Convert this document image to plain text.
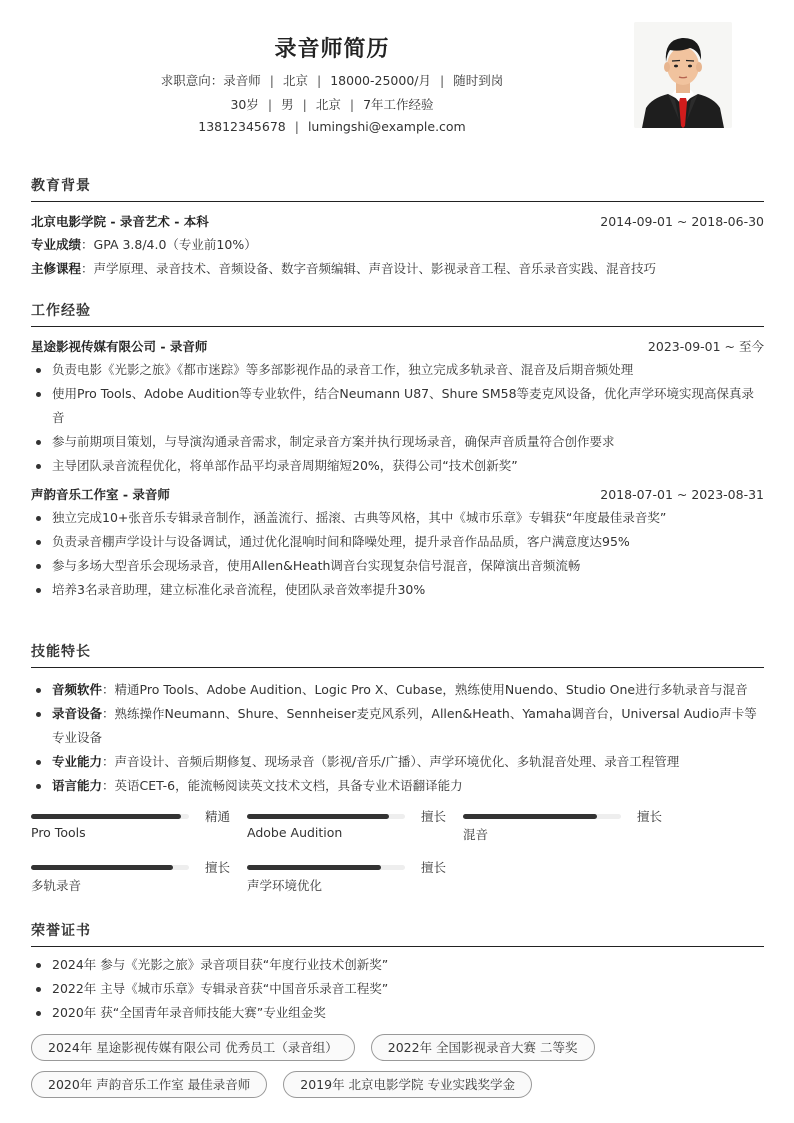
录音师简历
求职意向：录音师 | 北京 | 18000-25000/月 | 随时到岗
30岁 | 男 | 北京 | 7年工作经验
13812345678 | lumingshi@example.com
教育背景
北京电影学院 - 录音艺术 - 本科	2014-09-01 ~ 2018-06-30
专业成绩：GPA 3.8/4.0（专业前10%）
主修课程：声学原理、录音技术、音频设备、数字音频编辑、声音设计、影视录音工程、音乐录音实践、混音技巧
工作经验
星途影视传媒有限公司 - 录音师	2023-09-01 ~ 至今
负责电影《光影之旅》《都市迷踪》等多部影视作品的录音工作，独立完成多轨录音、混音及后期音频处理
使用Pro Tools、Adobe Audition等专业软件，结合Neumann U87、Shure SM58等麦克风设备，优化声学环境实现高保真录音
参与前期项目策划，与导演沟通录音需求，制定录音方案并执行现场录音，确保声音质量符合创作要求
主导团队录音流程优化，将单部作品平均录音周期缩短20%，获得公司“技术创新奖”
声韵音乐工作室 - 录音师	2018-07-01 ~ 2023-08-31
独立完成10+张音乐专辑录音制作，涵盖流行、摇滚、古典等风格，其中《城市乐章》专辑获“年度最佳录音奖”
负责录音棚声学设计与设备调试，通过优化混响时间和降噪处理，提升录音作品品质，客户满意度达95%
参与多场大型音乐会现场录音，使用Allen&Heath调音台实现复杂信号混音，保障演出音频流畅
培养3名录音助理，建立标准化录音流程，使团队录音效率提升30%
技能特长
音频软件：精通Pro Tools、Adobe Audition、Logic Pro X、Cubase，熟练使用Nuendo、Studio One进行多轨录音与混音
录音设备：熟练操作Neumann、Shure、Sennheiser麦克风系列，Allen&Heath、Yamaha调音台，Universal Audio声卡等专业设备
专业能力：声音设计、音频后期修复、现场录音（影视/音乐/广播）、声学环境优化、多轨混音处理、录音工程管理
语言能力：英语CET-6，能流畅阅读英文技术文档，具备专业术语翻译能力
精通
Pro Tools
擅长
Adobe Audition
擅长
混音
擅长
多轨录音
擅长
声学环境优化
荣誉证书
2024年 参与《光影之旅》录音项目获“年度行业技术创新奖”
2022年 主导《城市乐章》专辑录音获“中国音乐录音工程奖”
2020年 获“全国青年录音师技能大赛”专业组金奖
2024年 星途影视传媒有限公司 优秀员工（录音组）	2022年 全国影视录音大赛 二等奖
2020年 声韵音乐工作室 最佳录音师	2019年 北京电影学院 专业实践奖学金
